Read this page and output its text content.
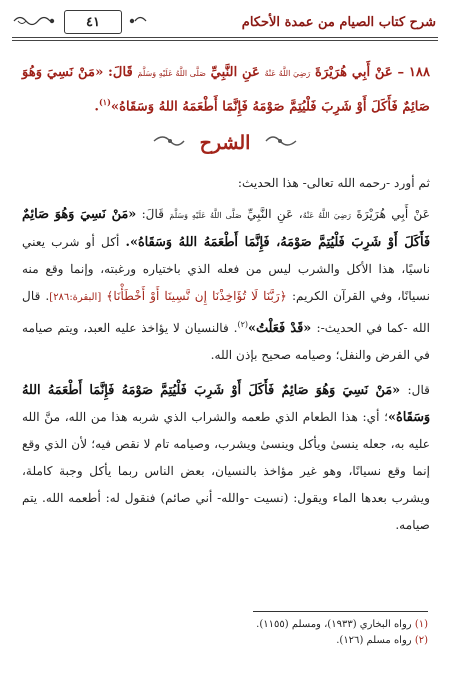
شرح كتاب الصيام من عمدة الأحكام
٤١
١٨٨ – عَنْ أَبِي هُرَيْرَةَ رَضِيَ اللَّهُ عَنْهُ عَنِ النَّبِيِّ صَلَّى اللَّهُ عَلَيْهِ وَسَلَّمَ قَالَ: «مَنْ نَسِيَ وَهُوَ صَائِمٌ فَأَكَلَ أَوْ شَرِبَ فَلْيُتِمَّ صَوْمَهُ فَإِنَّمَا أَطْعَمَهُ اللهُ وَسَقَاهُ»$^{(١)}$.
الشرح

ثم أورد -رحمه الله تعالى- هذا الحديث:

عَنْ أَبِي هُرَيْرَةَ رَضِيَ اللَّهُ عَنْهُ، عَنِ النَّبِيِّ صَلَّى اللَّهُ عَلَيْهِ وَسَلَّمَ قَالَ: «مَنْ نَسِيَ وَهُوَ صَائِمٌ فَأَكَلَ أَوْ شَرِبَ فَلْيُتِمَّ صَوْمَهُ، فَإِنَّمَا أَطْعَمَهُ اللهُ وَسَقَاهُ». أكل أو شرب يعني ناسيًا، هذا الأكل والشرب ليس من فعله الذي باختياره ورغبته، وإنما وقع منه نسيانًا، وفي القرآن الكريم: ﴿رَبَّنَا لَا تُؤَاخِذْنَا إِن نَّسِينَا أَوْ أَخْطَأْنَا﴾ [البقرة:٢٨٦]. قال الله -كما في الحديث-: «قَدْ فَعَلْتُ»$^{(٢)}$. فالنسيان لا يؤاخذ عليه العبد، ويتم صيامه في الفرض والنفل؛ وصيامه صحيح بإذن الله.

قال: «مَنْ نَسِيَ وَهُوَ صَائِمٌ فَأَكَلَ أَوْ شَرِبَ فَلْيُتِمَّ صَوْمَهُ فَإِنَّمَا أَطْعَمَهُ اللهُ وَسَقَاهُ»؛ أي: هذا الطعام الذي طعمه والشراب الذي شربه هذا من الله، منَّ الله عليه به، جعله ينسىٰ ويأكل وينسىٰ ويشرب، وصيامه تام لا نقص فيه؛ لأن الذي وقع إنما وقع نسيانًا، وهو غير مؤاخذ بالنسيان، بعض الناس ربما يأكل وجبة كاملة، ويشرب بعدها الماء ويقول: (نسيت -والله- أني صائم) فنقول له: أطعمه الله. يتم صيامه.

(١) رواه البخاري (١٩٣٣)، ومسلم (١١٥٥).
(٢) رواه مسلم (١٢٦).
